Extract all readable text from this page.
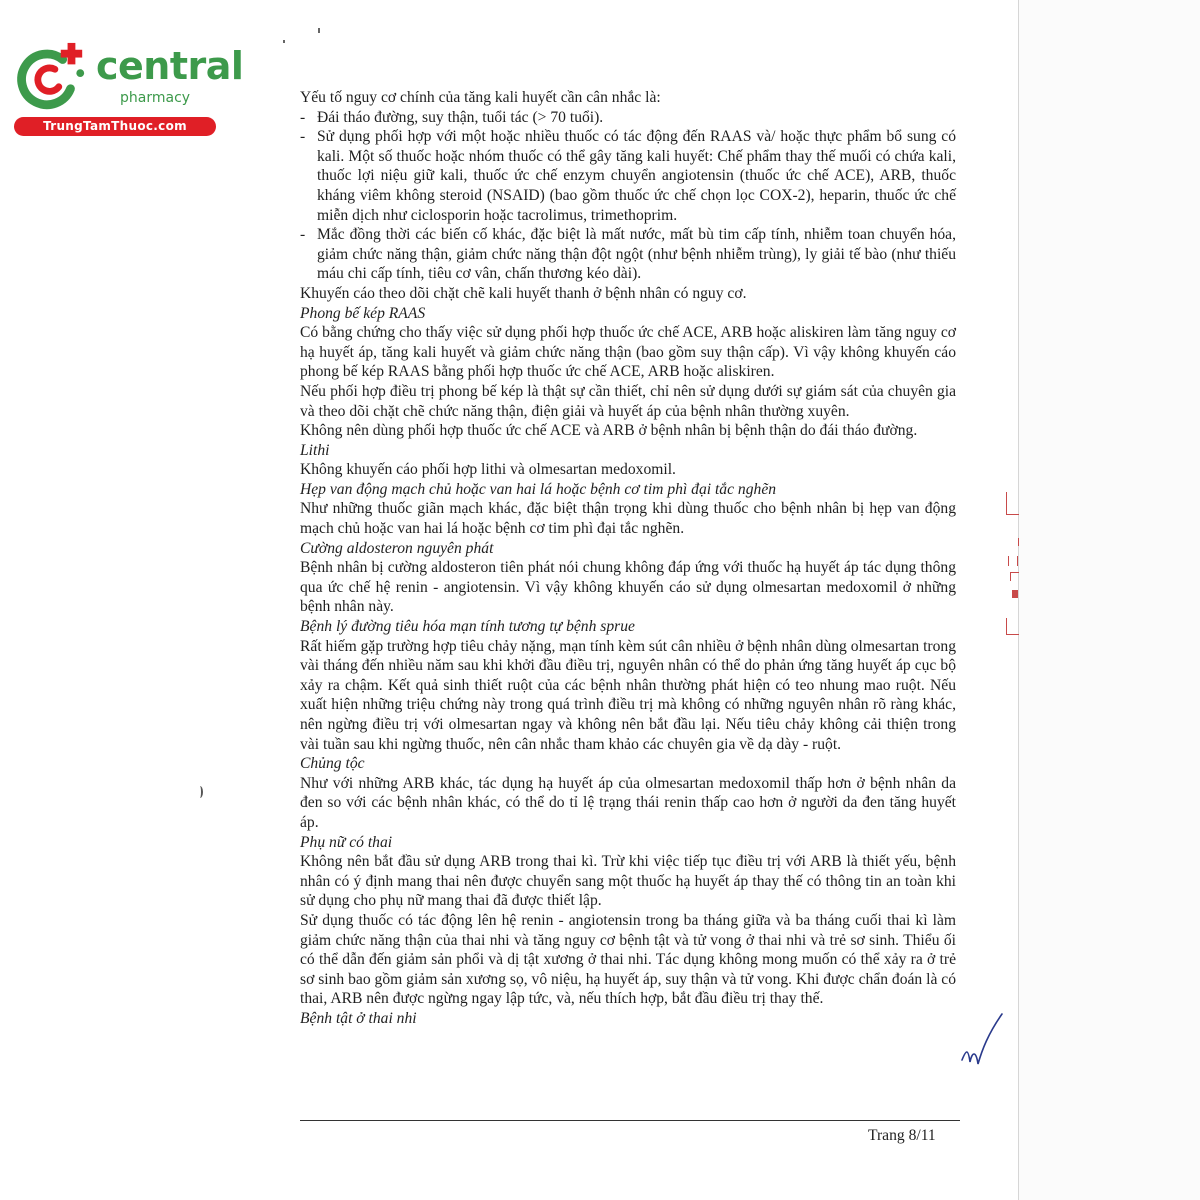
central
pharmacy
TrungTamThuoc.com

Yếu tố nguy cơ chính của tăng kali huyết cần cân nhắc là:

- Đái tháo đường, suy thận, tuổi tác (> 70 tuổi).

- Sử dụng phối hợp với một hoặc nhiều thuốc có tác động đến RAAS và/ hoặc thực phẩm bổ sung có kali. Một số thuốc hoặc nhóm thuốc có thể gây tăng kali huyết: Chế phẩm thay thế muối có chứa kali, thuốc lợi niệu giữ kali, thuốc ức chế enzym chuyển angiotensin (thuốc ức chế ACE), ARB, thuốc kháng viêm không steroid (NSAID) (bao gồm thuốc ức chế chọn lọc COX-2), heparin, thuốc ức chế miễn dịch như ciclosporin hoặc tacrolimus, trimethoprim.

- Mắc đồng thời các biến cố khác, đặc biệt là mất nước, mất bù tim cấp tính, nhiễm toan chuyển hóa, giảm chức năng thận, giảm chức năng thận đột ngột (như bệnh nhiễm trùng), ly giải tế bào (như thiếu máu chi cấp tính, tiêu cơ vân, chấn thương kéo dài).

Khuyến cáo theo dõi chặt chẽ kali huyết thanh ở bệnh nhân có nguy cơ.

Phong bế kép RAAS

Có bằng chứng cho thấy việc sử dụng phối hợp thuốc ức chế ACE, ARB hoặc aliskiren làm tăng nguy cơ hạ huyết áp, tăng kali huyết và giảm chức năng thận (bao gồm suy thận cấp). Vì vậy không khuyến cáo phong bế kép RAAS bằng phối hợp thuốc ức chế ACE, ARB hoặc aliskiren.

Nếu phối hợp điều trị phong bế kép là thật sự cần thiết, chỉ nên sử dụng dưới sự giám sát của chuyên gia và theo dõi chặt chẽ chức năng thận, điện giải và huyết áp của bệnh nhân thường xuyên.

Không nên dùng phối hợp thuốc ức chế ACE và ARB ở bệnh nhân bị bệnh thận do đái tháo đường.

Lithi

Không khuyến cáo phối hợp lithi và olmesartan medoxomil.

Hẹp van động mạch chủ hoặc van hai lá hoặc bệnh cơ tim phì đại tắc nghẽn

Như những thuốc giãn mạch khác, đặc biệt thận trọng khi dùng thuốc cho bệnh nhân bị hẹp van động mạch chủ hoặc van hai lá hoặc bệnh cơ tim phì đại tắc nghẽn.

Cường aldosteron nguyên phát

Bệnh nhân bị cường aldosteron tiên phát nói chung không đáp ứng với thuốc hạ huyết áp tác dụng thông qua ức chế hệ renin - angiotensin. Vì vậy không khuyến cáo sử dụng olmesartan medoxomil ở những bệnh nhân này.

Bệnh lý đường tiêu hóa mạn tính tương tự bệnh sprue

Rất hiếm gặp trường hợp tiêu chảy nặng, mạn tính kèm sút cân nhiều ở bệnh nhân dùng olmesartan trong vài tháng đến nhiều năm sau khi khởi đầu điều trị, nguyên nhân có thể do phản ứng tăng huyết áp cục bộ xảy ra chậm. Kết quả sinh thiết ruột của các bệnh nhân thường phát hiện có teo nhung mao ruột. Nếu xuất hiện những triệu chứng này trong quá trình điều trị mà không có những nguyên nhân rõ ràng khác, nên ngừng điều trị với olmesartan ngay và không nên bắt đầu lại. Nếu tiêu chảy không cải thiện trong vài tuần sau khi ngừng thuốc, nên cân nhắc tham khảo các chuyên gia về dạ dày - ruột.

Chủng tộc

Như với những ARB khác, tác dụng hạ huyết áp của olmesartan medoxomil thấp hơn ở bệnh nhân da đen so với các bệnh nhân khác, có thể do tỉ lệ trạng thái renin thấp cao hơn ở người da đen tăng huyết áp.

Phụ nữ có thai

Không nên bắt đầu sử dụng ARB trong thai kì. Trừ khi việc tiếp tục điều trị với ARB là thiết yếu, bệnh nhân có ý định mang thai nên được chuyển sang một thuốc hạ huyết áp thay thế có thông tin an toàn khi sử dụng cho phụ nữ mang thai đã được thiết lập.

Sử dụng thuốc có tác động lên hệ renin - angiotensin trong ba tháng giữa và ba tháng cuối thai kì làm giảm chức năng thận của thai nhi và tăng nguy cơ bệnh tật và tử vong ở thai nhi và trẻ sơ sinh. Thiểu ối có thể dẫn đến giảm sản phổi và dị tật xương ở thai nhi. Tác dụng không mong muốn có thể xảy ra ở trẻ sơ sinh bao gồm giảm sản xương sọ, vô niệu, hạ huyết áp, suy thận và tử vong. Khi được chẩn đoán là có thai, ARB nên được ngừng ngay lập tức, và, nếu thích hợp, bắt đầu điều trị thay thế.

Bệnh tật ở thai nhi

Trang 8/11
